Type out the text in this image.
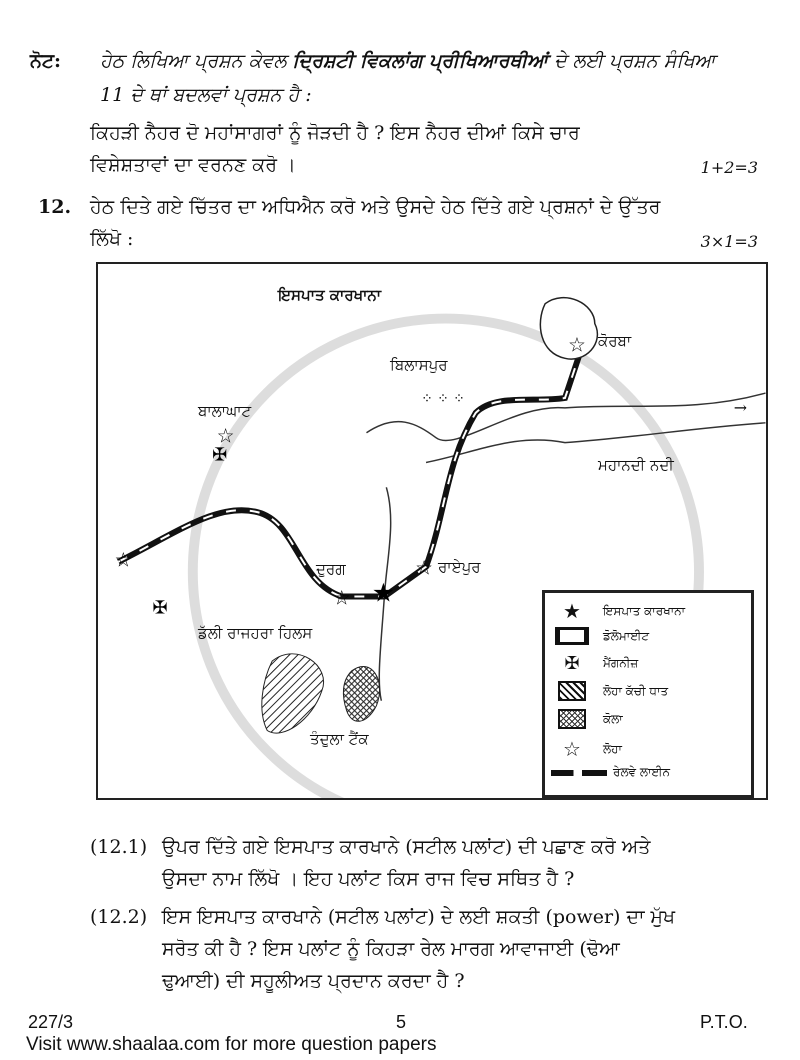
ਨੋਟ: ਹੇਠ ਲਿਖਿਆ ਪ੍ਰਸ਼ਨ ਕੇਵਲ ਦ੍ਰਿਸ਼ਟੀ ਵਿਕਲਾਂਗ ਪ੍ਰੀਖਿਆਰਥੀਆਂ ਦੇ ਲਈ ਪ੍ਰਸ਼ਨ ਸੰਖਿਆ
11 ਦੇ ਥਾਂ ਬਦਲਵਾਂ ਪ੍ਰਸ਼ਨ ਹੈ :
ਕਿਹੜੀ ਨੈਹਰ ਦੋ ਮਹਾਂਸਾਗਰਾਂ ਨੂੰ ਜੋੜਦੀ ਹੈ ? ਇਸ ਨੈਹਰ ਦੀਆਂ ਕਿਸੇ ਚਾਰ
ਵਿਸ਼ੇਸ਼ਤਾਵਾਂ ਦਾ ਵਰਨਣ ਕਰੋ ।	1+2=3
12. ਹੇਠ ਦਿਤੇ ਗਏ ਚਿੱਤਰ ਦਾ ਅਧਿਐਨ ਕਰੋ ਅਤੇ ਉਸਦੇ ਹੇਠ ਦਿੱਤੇ ਗਏ ਪ੍ਰਸ਼ਨਾਂ ਦੇ ਉੱਤਰ
ਲਿੱਖੋ :	3×1=3
★
☆
☆
☆
☆
☆
✠
✠
⁘ ⁘ ⁘	→
ਇਸਪਾਤ ਕਾਰਖਾਨਾ
ਬਿਲਾਸਪੁਰ
ਕੋਰਬਾ
ਬਾਲਾਘਾਟ
ਮਹਾਨਦੀ ਨਦੀ
ਦੁਰਗ	ਰਾਏਪੁਰ
ਡੱਲੀ ਰਾਜਹਰਾ ਹਿਲਸ
ਤੰਦੁਲਾ ਟੈਂਕ
★	ਇਸਪਾਤ ਕਾਰਖਾਨਾ
ਡੋਲੋਮਾਈਟ
✠	ਮੈਂਗਨੀਜ਼
ਲੋਹਾ ਕੱਚੀ ਧਾਤ
ਕੋਲਾ
☆	ਲੋਹਾ
ਰੇਲਵੇ ਲਾਈਨ
(12.1) ਉਪਰ ਦਿੱਤੇ ਗਏ ਇਸਪਾਤ ਕਾਰਖਾਨੇ (ਸਟੀਲ ਪਲਾਂਟ) ਦੀ ਪਛਾਣ ਕਰੋ ਅਤੇ
ਉਸਦਾ ਨਾਮ ਲਿੱਖੋ । ਇਹ ਪਲਾਂਟ ਕਿਸ ਰਾਜ ਵਿਚ ਸਥਿਤ ਹੈ ?
(12.2) ਇਸ ਇਸਪਾਤ ਕਾਰਖਾਨੇ (ਸਟੀਲ ਪਲਾਂਟ) ਦੇ ਲਈ ਸ਼ਕਤੀ (power) ਦਾ ਮੁੱਖ
ਸਰੋਤ ਕੀ ਹੈ ? ਇਸ ਪਲਾਂਟ ਨੂੰ ਕਿਹੜਾ ਰੇਲ ਮਾਰਗ ਆਵਾਜਾਈ (ਢੋਆ
ਢੁਆਈ) ਦੀ ਸਹੂਲੀਅਤ ਪ੍ਰਦਾਨ ਕਰਦਾ ਹੈ ?
227/3	5	P.T.O.
Visit www.shaalaa.com for more question papers
